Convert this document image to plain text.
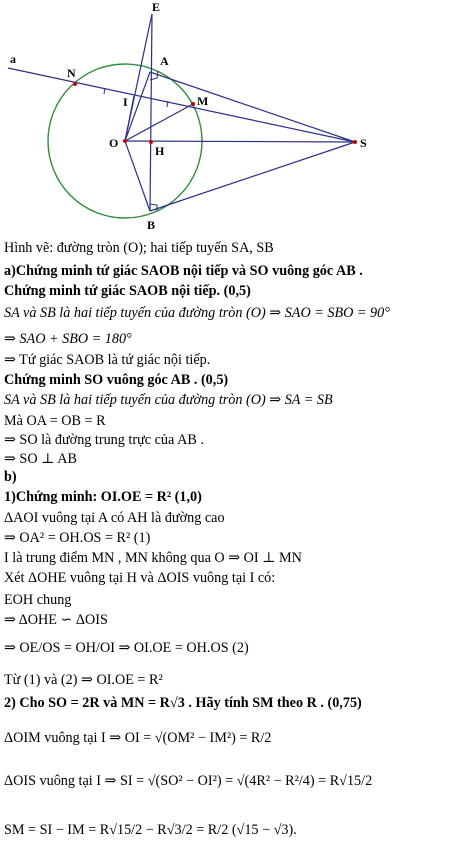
E
a	A
N
I	M
O
H
S
B
Hình vẽ: đường tròn (O); hai tiếp tuyến SA, SB
a)Chứng minh tứ giác SAOB nội tiếp và SO vuông góc AB .
Chứng minh tứ giác SAOB nội tiếp. (0,5)
SA và SB là hai tiếp tuyến của đường tròn (O) ⇒ SAO = SBO = 90°
⇒ SAO + SBO = 180°
⇒ Tứ giác SAOB là tứ giác nội tiếp.
Chứng minh SO vuông góc AB . (0,5)
SA và SB là hai tiếp tuyến của đường tròn (O) ⇒ SA = SB
Mà OA = OB = R
⇒ SO là đường trung trực của AB .
⇒ SO ⊥ AB
b)
1)Chứng minh: OI.OE = R² (1,0)
ΔAOI vuông tại A có AH là đường cao
⇒ OA² = OH.OS = R² (1)
I là trung điểm MN , MN không qua O ⇒ OI ⊥ MN
Xét ΔOHE vuông tại H và ΔOIS vuông tại I có:
EOH chung
⇒ ΔOHE ∽ ΔOIS
⇒ OE/OS = OH/OI ⇒ OI.OE = OH.OS (2)
Từ (1) và (2) ⇒ OI.OE = R²
2) Cho SO = 2R và MN = R√3 . Hãy tính SM theo R . (0,75)
ΔOIM vuông tại I ⇒ OI = √(OM² − IM²) = R/2
ΔOIS vuông tại I ⇒ SI = √(SO² − OI²) = √(4R² − R²/4) = R√15/2
SM = SI − IM = R√15/2 − R√3/2 = R/2 (√15 − √3).
